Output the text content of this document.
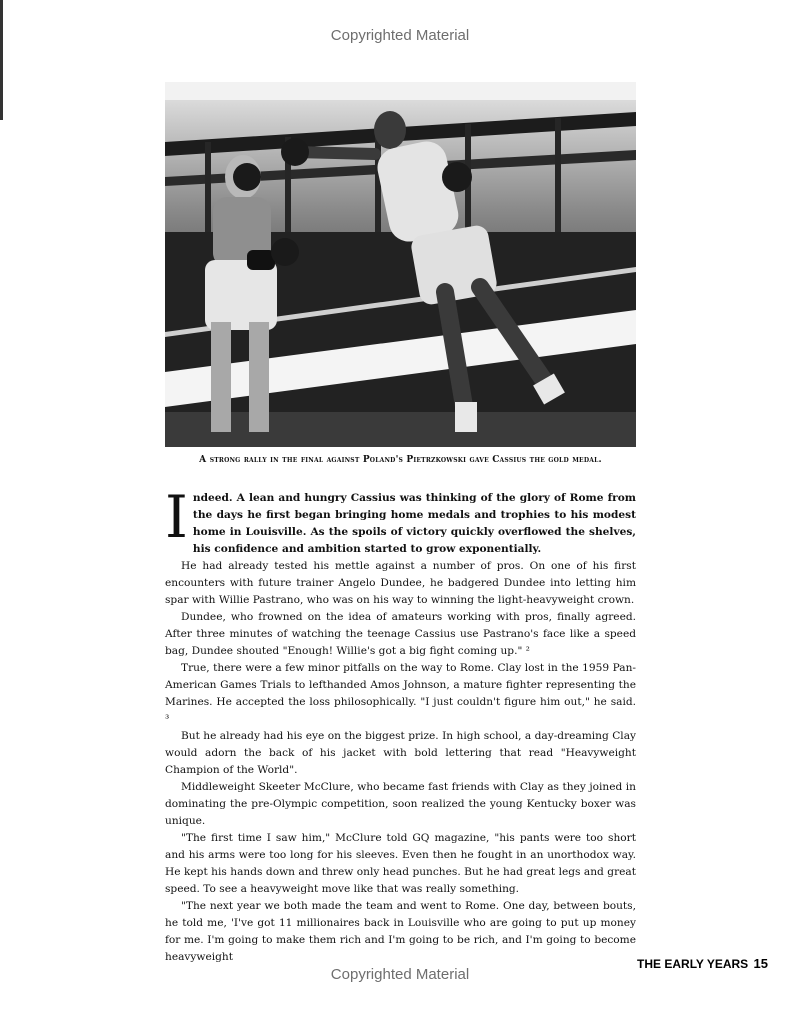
Copyrighted Material
A strong rally in the final against Poland's Pietrzkowski gave Cassius the gold medal.

Indeed. A lean and hungry Cassius was thinking of the glory of Rome from the days he first began bringing home medals and trophies to his modest home in Louisville. As the spoils of victory quickly overflowed the shelves, his confidence and ambition started to grow exponentially.

He had already tested his mettle against a number of pros. On one of his first encounters with future trainer Angelo Dundee, he badgered Dundee into letting him spar with Willie Pastrano, who was on his way to winning the light-heavyweight crown.

Dundee, who frowned on the idea of amateurs working with pros, finally agreed. After three minutes of watching the teenage Cassius use Pastrano's face like a speed bag, Dundee shouted "Enough! Willie's got a big fight coming up." ²

True, there were a few minor pitfalls on the way to Rome. Clay lost in the 1959 Pan-American Games Trials to lefthanded Amos Johnson, a mature fighter representing the Marines. He accepted the loss philosophically. "I just couldn't figure him out," he said. ³

But he already had his eye on the biggest prize. In high school, a day-dreaming Clay would adorn the back of his jacket with bold lettering that read "Heavyweight Champion of the World".

Middleweight Skeeter McClure, who became fast friends with Clay as they joined in dominating the pre-Olympic competition, soon realized the young Kentucky boxer was unique.

"The first time I saw him," McClure told GQ magazine, "his pants were too short and his arms were too long for his sleeves. Even then he fought in an unorthodox way. He kept his hands down and threw only head punches. But he had great legs and great speed. To see a heavyweight move like that was really something.

"The next year we both made the team and went to Rome. One day, between bouts, he told me, 'I've got 11 millionaires back in Louisville who are going to put up money for me. I'm going to make them rich and I'm going to be rich, and I'm going to become heavyweight	THE EARLY YEARS 15
Copyrighted Material
